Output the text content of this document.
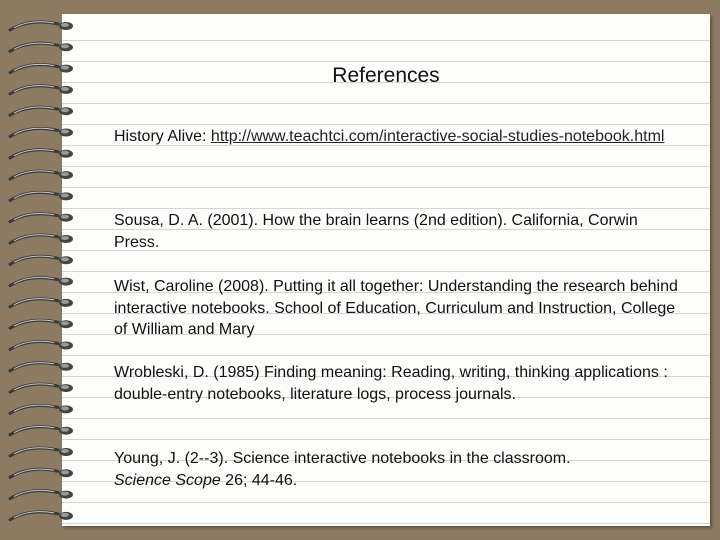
References
History Alive: http://www.teachtci.com/interactive-social-studies-notebook.html
Sousa, D. A. (2001). How the brain learns (2nd edition). California, Corwin Press.
Wist, Caroline (2008). Putting it all together: Understanding the research behind interactive notebooks. School of Education, Curriculum and Instruction, College of William and Mary
Wrobleski, D. (1985) Finding meaning: Reading, writing, thinking applications : double-entry notebooks, literature logs, process journals.
Young, J. (2--3). Science interactive notebooks in the classroom.
Science Scope 26; 44-46.
